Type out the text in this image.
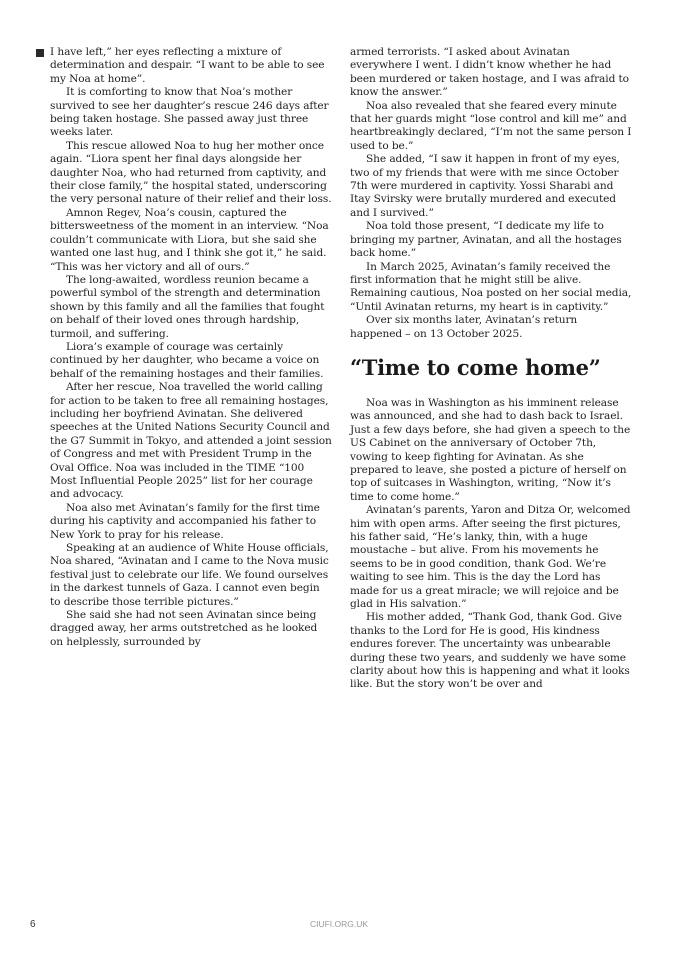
I have left,” her eyes reflecting a mixture of determination and despair. “I want to be able to see my Noa at home”.

It is comforting to know that Noa’s mother survived to see her daughter’s rescue 246 days after being taken hostage. She passed away just three weeks later.

This rescue allowed Noa to hug her mother once again. “Liora spent her final days alongside her daughter Noa, who had returned from captivity, and their close family,” the hospital stated, underscoring the very personal nature of their relief and their loss.

Amnon Regev, Noa’s cousin, captured the bittersweetness of the moment in an interview. “Noa couldn’t communicate with Liora, but she said she wanted one last hug, and I think she got it,” he said. “This was her victory and all of ours.”

The long-awaited, wordless reunion became a powerful symbol of the strength and determination shown by this family and all the families that fought on behalf of their loved ones through hardship, turmoil, and suffering.

Liora’s example of courage was certainly continued by her daughter, who became a voice on behalf of the remaining hostages and their families.

After her rescue, Noa travelled the world calling for action to be taken to free all remaining hostages, including her boyfriend Avinatan. She delivered speeches at the United Nations Security Council and the G7 Summit in Tokyo, and attended a joint session of Congress and met with President Trump in the Oval Office. Noa was included in the TIME “100 Most Influential People 2025” list for her courage and advocacy.

Noa also met Avinatan’s family for the first time during his captivity and accompanied his father to New York to pray for his release.

Speaking at an audience of White House officials, Noa shared, “Avinatan and I came to the Nova music festival just to celebrate our life. We found ourselves in the darkest tunnels of Gaza. I cannot even begin to describe those terrible pictures.”

She said she had not seen Avinatan since being dragged away, her arms outstretched as he looked on helplessly, surrounded by

armed terrorists. “I asked about Avinatan everywhere I went. I didn’t know whether he had been murdered or taken hostage, and I was afraid to know the answer.”

Noa also revealed that she feared every minute that her guards might “lose control and kill me” and heartbreakingly declared, “I’m not the same person I used to be.”

She added, “I saw it happen in front of my eyes, two of my friends that were with me since October 7th were murdered in captivity. Yossi Sharabi and Itay Svirsky were brutally murdered and executed and I survived.”

Noa told those present, “I dedicate my life to bringing my partner, Avinatan, and all the hostages back home.”

In March 2025, Avinatan’s family received the first information that he might still be alive. Remaining cautious, Noa posted on her social media, “Until Avinatan returns, my heart is in captivity.”

Over six months later, Avinatan’s return happened – on 13 October 2025.

“Time to come home”

Noa was in Washington as his imminent release was announced, and she had to dash back to Israel. Just a few days before, she had given a speech to the US Cabinet on the anniversary of October 7th, vowing to keep fighting for Avinatan. As she prepared to leave, she posted a picture of herself on top of suitcases in Washington, writing, “Now it’s time to come home.”

Avinatan’s parents, Yaron and Ditza Or, welcomed him with open arms. After seeing the first pictures, his father said, “He’s lanky, thin, with a huge moustache – but alive. From his movements he seems to be in good condition, thank God. We’re waiting to see him. This is the day the Lord has made for us a great miracle; we will rejoice and be glad in His salvation.”

His mother added, “Thank God, thank God. Give thanks to the Lord for He is good, His kindness endures forever. The uncertainty was unbearable during these two years, and suddenly we have some clarity about how this is happening and what it looks like. But the story won’t be over and

6	CIUFI.ORG.UK
